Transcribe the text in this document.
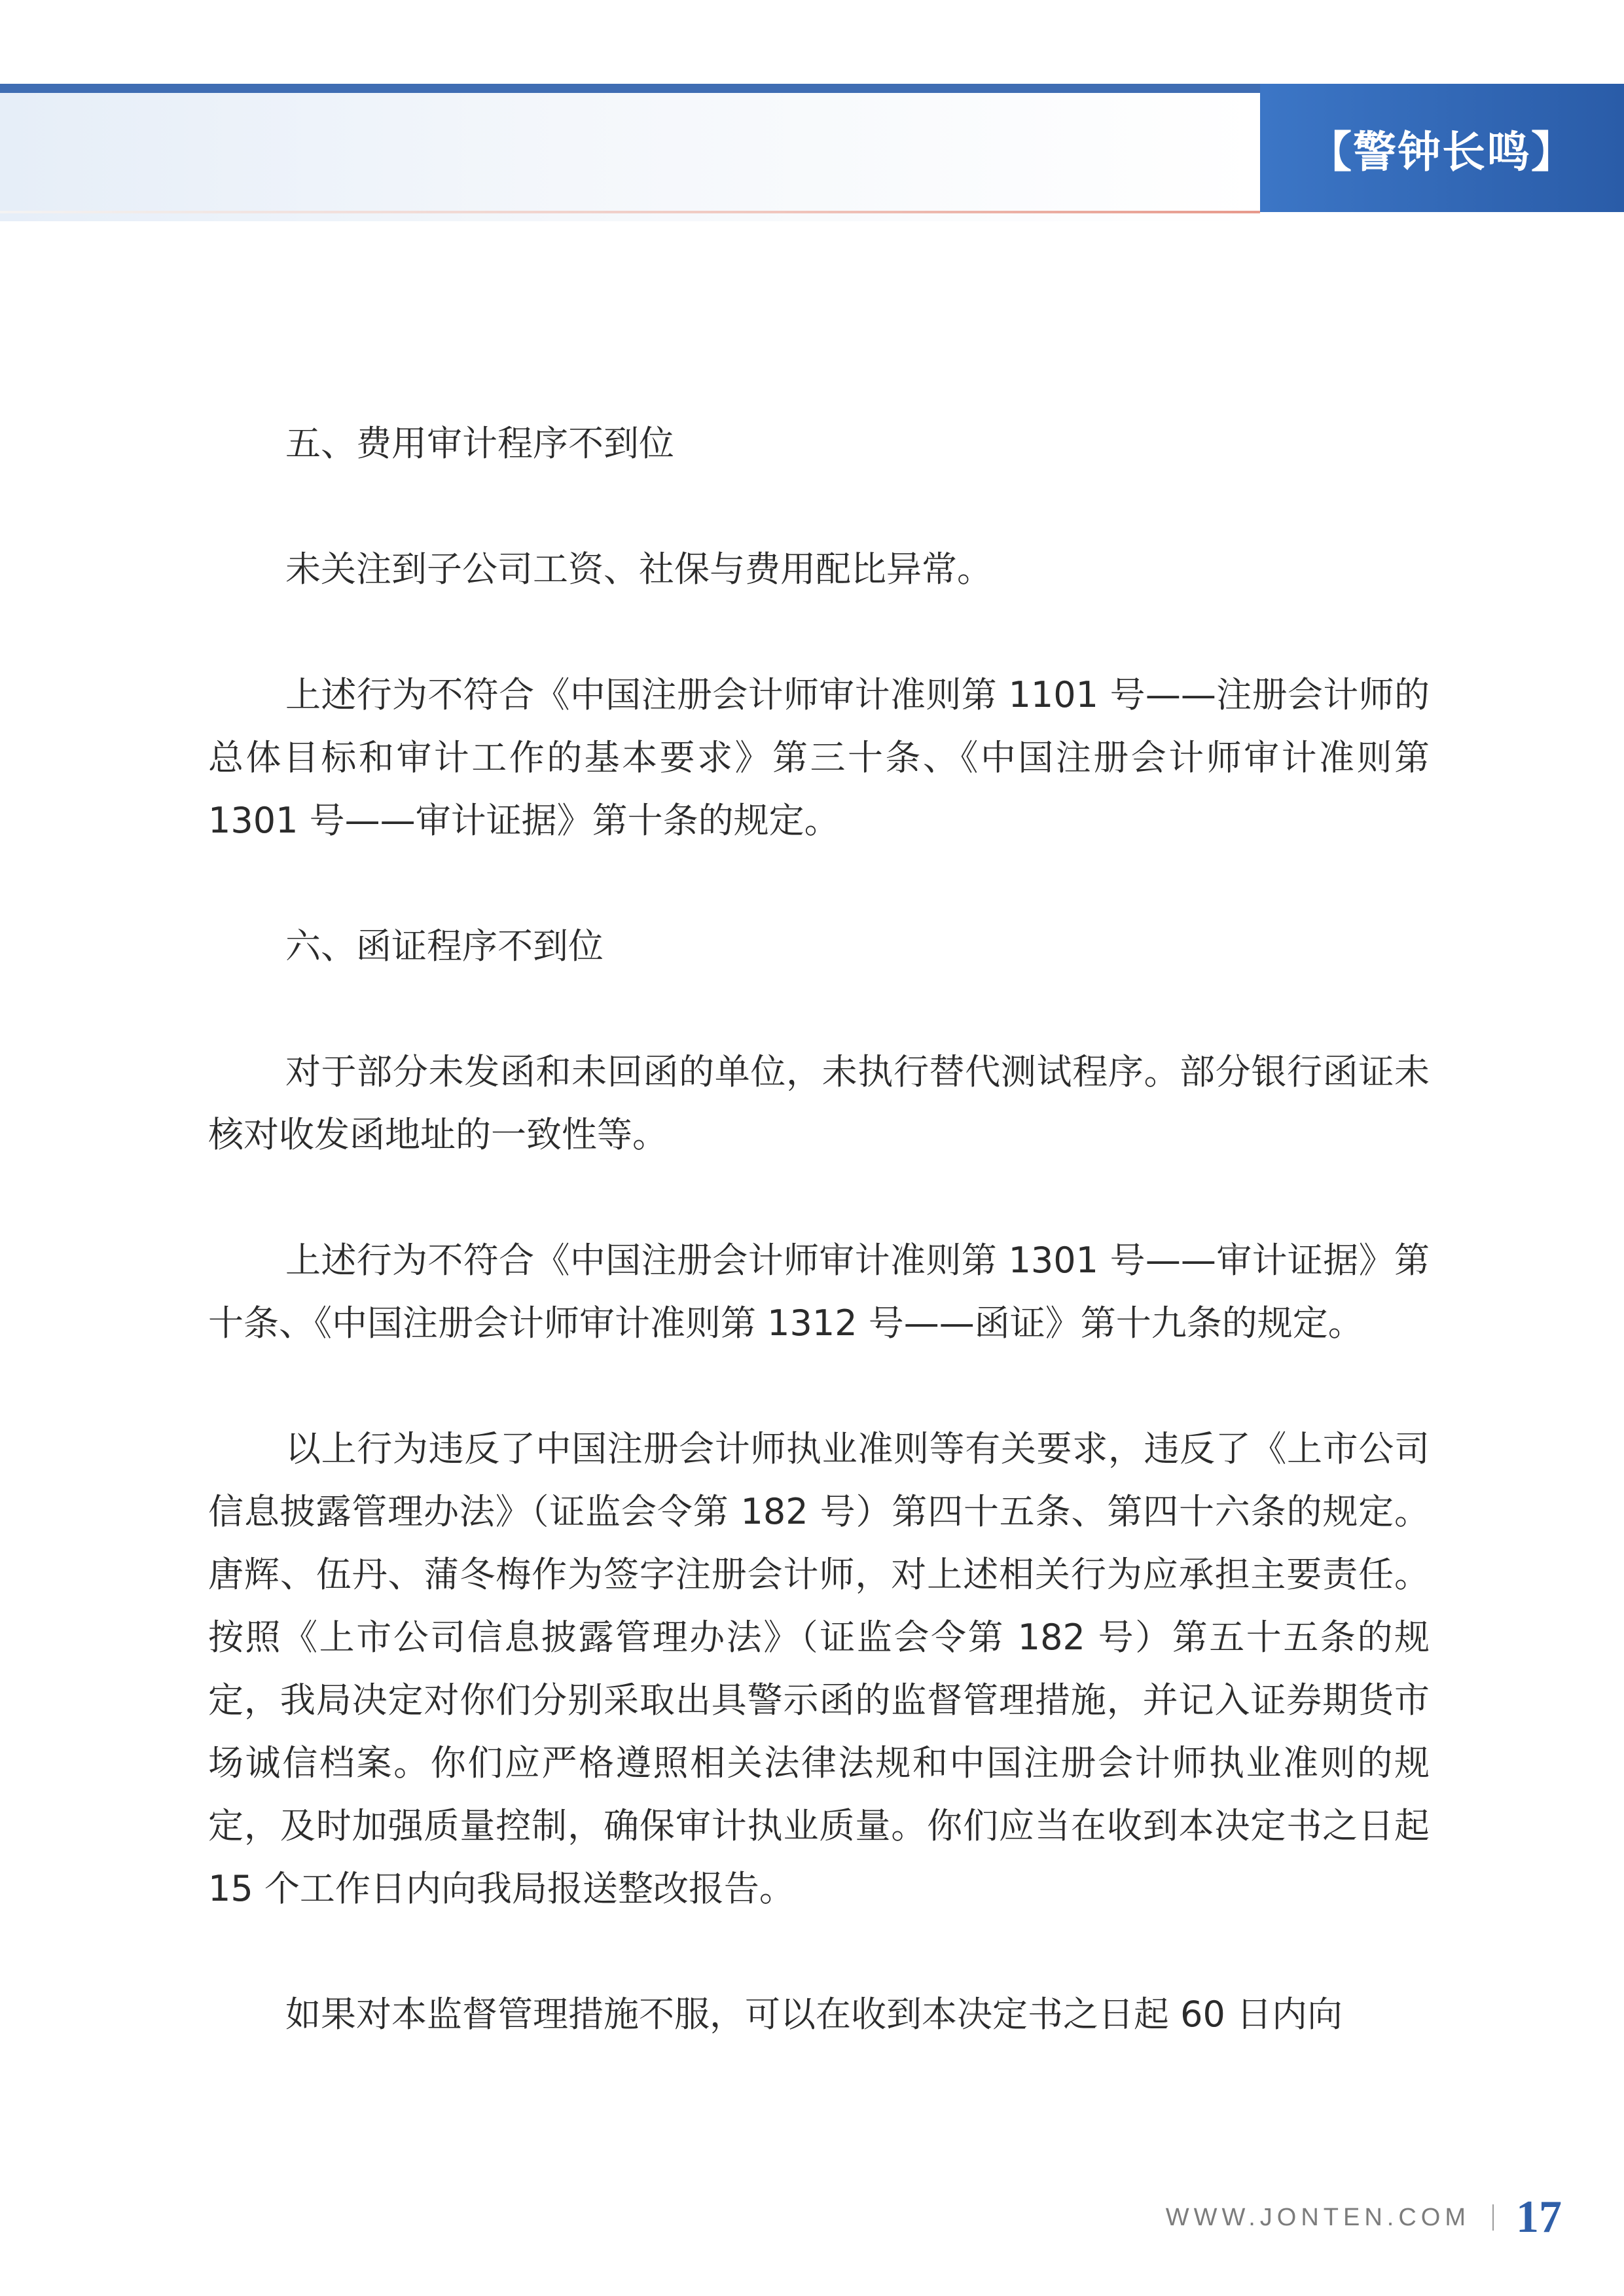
【警钟长鸣】

五、费用审计程序不到位

未关注到子公司工资、社保与费用配比异常。

上述行为不符合《中国注册会计师审计准则第 1101 号——注册会计师的总体目标和审计工作的基本要求》第三十条、《中国注册会计师审计准则第 1301 号——审计证据》第十条的规定。

六、函证程序不到位

对于部分未发函和未回函的单位，未执行替代测试程序。部分银行函证未核对收发函地址的一致性等。

上述行为不符合《中国注册会计师审计准则第 1301 号——审计证据》第十条、《中国注册会计师审计准则第 1312 号——函证》第十九条的规定。

以上行为违反了中国注册会计师执业准则等有关要求，违反了《上市公司信息披露管理办法》（证监会令第 182 号）第四十五条、第四十六条的规定。唐辉、伍丹、蒲冬梅作为签字注册会计师，对上述相关行为应承担主要责任。按照《上市公司信息披露管理办法》（证监会令第 182 号）第五十五条的规定，我局决定对你们分别采取出具警示函的监督管理措施，并记入证券期货市场诚信档案。你们应严格遵照相关法律法规和中国注册会计师执业准则的规定，及时加强质量控制，确保审计执业质量。你们应当在收到本决定书之日起 15 个工作日内向我局报送整改报告。

如果对本监督管理措施不服，可以在收到本决定书之日起 60 日内向

WWW.JONTEN.COM 17
